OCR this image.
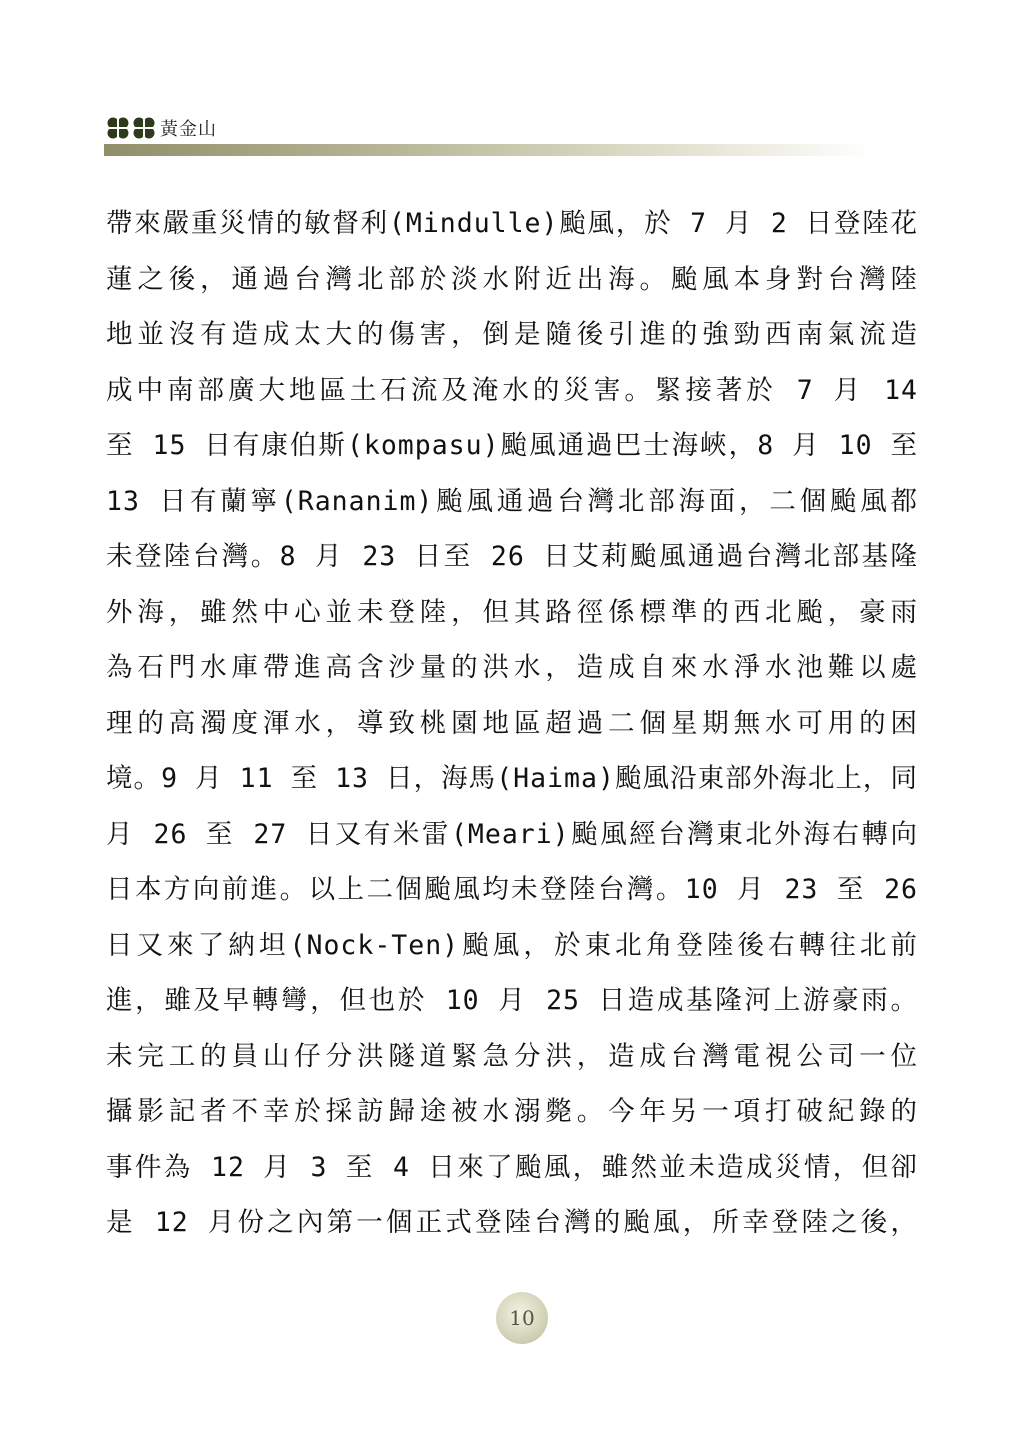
黃金山
帶來嚴重災情的敏督利(Mindulle)颱風，於 7 月 2 日登陸花
蓮之後，通過台灣北部於淡水附近出海。颱風本身對台灣陸
地並沒有造成太大的傷害，倒是隨後引進的強勁西南氣流造
成中南部廣大地區土石流及淹水的災害。緊接著於 7 月 14
至 15 日有康伯斯(kompasu)颱風通過巴士海峽，8 月 10 至
13 日有蘭寧(Rananim)颱風通過台灣北部海面，二個颱風都
未登陸台灣。8 月 23 日至 26 日艾莉颱風通過台灣北部基隆
外海，雖然中心並未登陸，但其路徑係標準的西北颱，豪雨
為石門水庫帶進高含沙量的洪水，造成自來水淨水池難以處
理的高濁度渾水，導致桃園地區超過二個星期無水可用的困
境。9 月 11 至 13 日，海馬(Haima)颱風沿東部外海北上，同
月 26 至 27 日又有米雷(Meari)颱風經台灣東北外海右轉向
日本方向前進。以上二個颱風均未登陸台灣。10 月 23 至 26
日又來了納坦(Nock-Ten)颱風，於東北角登陸後右轉往北前
進，雖及早轉彎，但也於 10 月 25 日造成基隆河上游豪雨。
未完工的員山仔分洪隧道緊急分洪，造成台灣電視公司一位
攝影記者不幸於採訪歸途被水溺斃。今年另一項打破紀錄的
事件為 12 月 3 至 4 日來了颱風，雖然並未造成災情，但卻
是 12 月份之內第一個正式登陸台灣的颱風，所幸登陸之後，
10
